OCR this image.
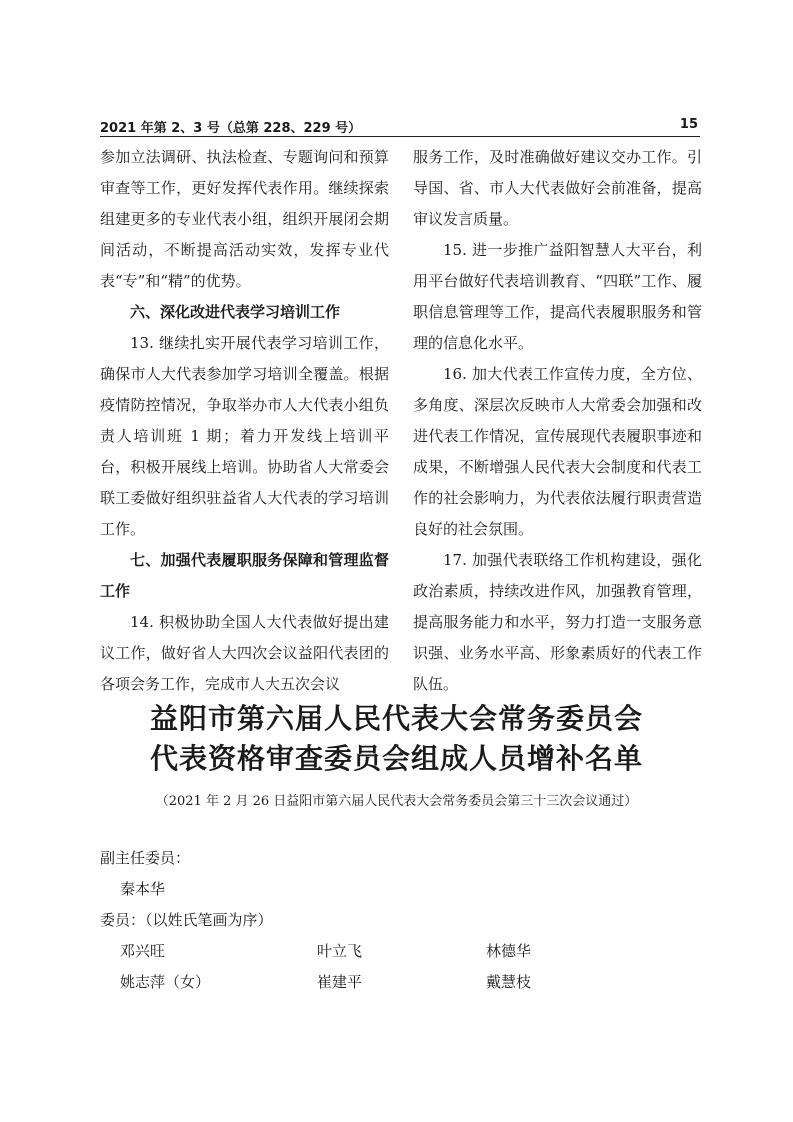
2021 年第 2、3 号（总第 228、229 号）	15

参加立法调研、执法检查、专题询问和预算审查等工作，更好发挥代表作用。继续探索组建更多的专业代表小组，组织开展闭会期间活动，不断提高活动实效，发挥专业代表“专”和“精”的优势。

六、深化改进代表学习培训工作

13. 继续扎实开展代表学习培训工作，确保市人大代表参加学习培训全覆盖。根据疫情防控情况，争取举办市人大代表小组负责人培训班 1 期；着力开发线上培训平台，积极开展线上培训。协助省人大常委会联工委做好组织驻益省人大代表的学习培训工作。

七、加强代表履职服务保障和管理监督工作

14. 积极协助全国人大代表做好提出建议工作，做好省人大四次会议益阳代表团的各项会务工作，完成市人大五次会议

服务工作，及时准确做好建议交办工作。引导国、省、市人大代表做好会前准备，提高审议发言质量。

15. 进一步推广益阳智慧人大平台，利用平台做好代表培训教育、“四联”工作、履职信息管理等工作，提高代表履职服务和管理的信息化水平。

16. 加大代表工作宣传力度，全方位、多角度、深层次反映市人大常委会加强和改进代表工作情况，宣传展现代表履职事迹和成果，不断增强人民代表大会制度和代表工作的社会影响力，为代表依法履行职责营造良好的社会氛围。

17. 加强代表联络工作机构建设，强化政治素质，持续改进作风，加强教育管理，提高服务能力和水平，努力打造一支服务意识强、业务水平高、形象素质好的代表工作队伍。

益阳市第六届人民代表大会常务委员会
代表资格审查委员会组成人员增补名单
（2021 年 2 月 26 日益阳市第六届人民代表大会常务委员会第三十三次会议通过）
副主任委员：
秦本华
委员：（以姓氏笔画为序）
邓兴旺	叶立飞	林德华
姚志萍（女）	崔建平	戴慧枝
